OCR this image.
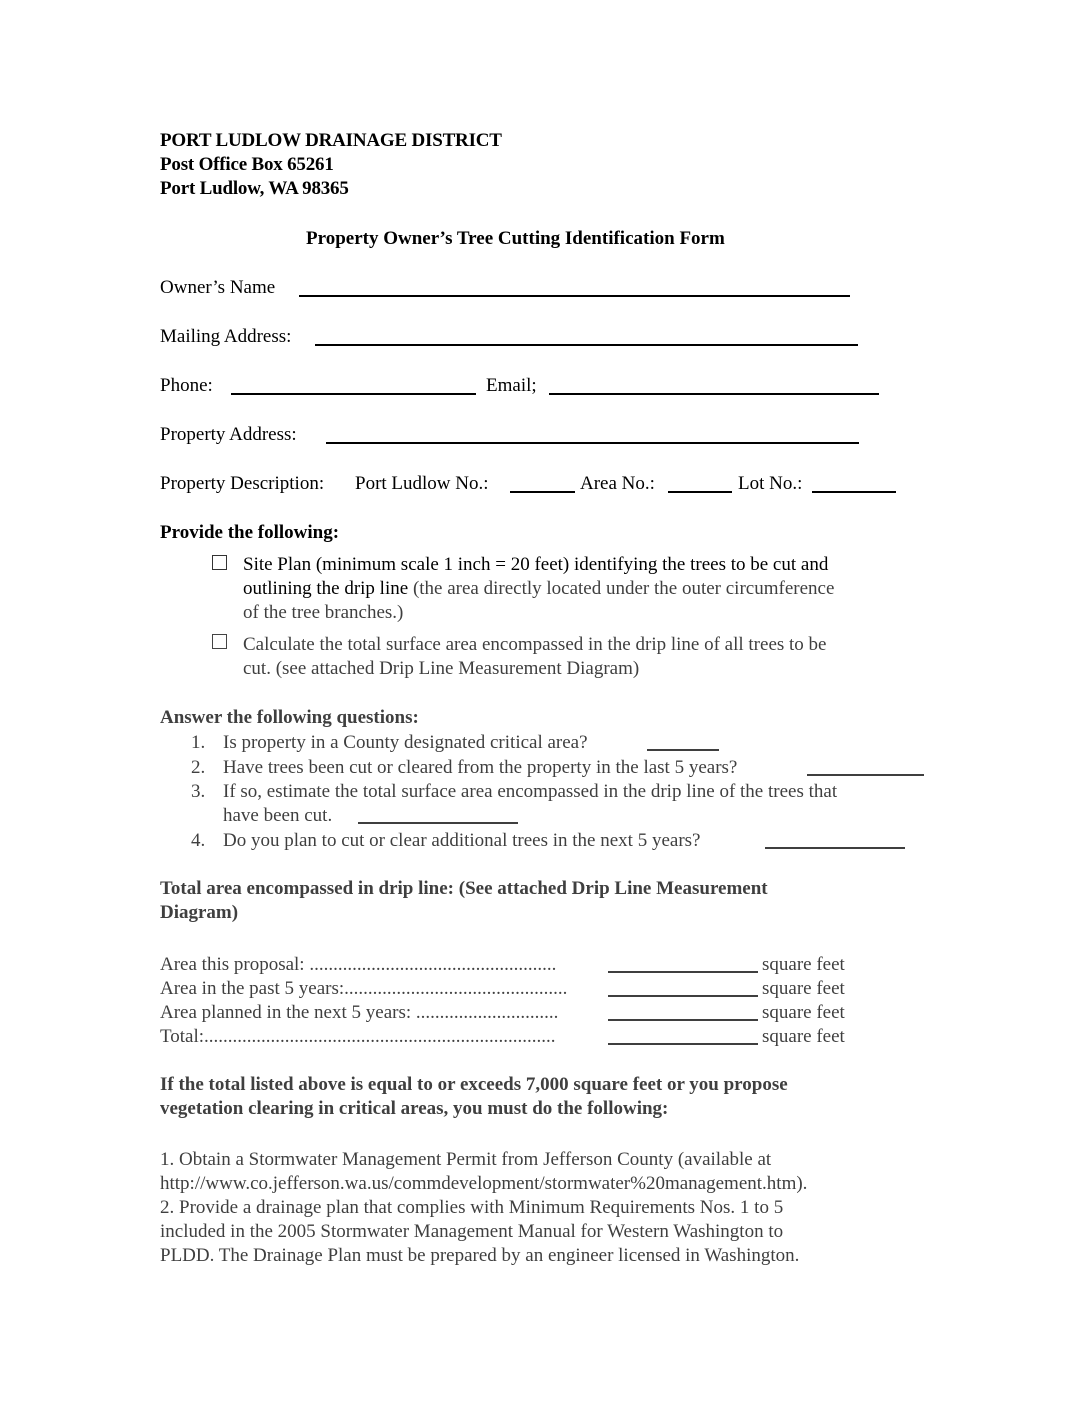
PORT LUDLOW DRAINAGE DISTRICT
Post Office Box 65261
Port Ludlow, WA 98365
Property Owner’s Tree Cutting Identification Form
Owner’s Name
Mailing Address:
Phone:	Email;
Property Address:
Property Description: Port Ludlow No.:	Area No.:	Lot No.:
Provide the following:
Site Plan (minimum scale 1 inch = 20 feet) identifying the trees to be cut and
outlining the drip line (the area directly located under the outer circumference
of the tree branches.)
Calculate the total surface area encompassed in the drip line of all trees to be
cut. (see attached Drip Line Measurement Diagram)
Answer the following questions:
1. Is property in a County designated critical area?
2. Have trees been cut or cleared from the property in the last 5 years?
3. If so, estimate the total surface area encompassed in the drip line of the trees that
have been cut.
4. Do you plan to cut or clear additional trees in the next 5 years?
Total area encompassed in drip line: (See attached Drip Line Measurement
Diagram)
Area this proposal: ....................................................	square feet
Area in the past 5 years:...............................................	square feet
Area planned in the next 5 years: ..............................	square feet
Total:..........................................................................	square feet
If the total listed above is equal to or exceeds 7,000 square feet or you propose
vegetation clearing in critical areas, you must do the following:
1. Obtain a Stormwater Management Permit from Jefferson County (available at
http://www.co.jefferson.wa.us/commdevelopment/stormwater%20management.htm).
2. Provide a drainage plan that complies with Minimum Requirements Nos. 1 to 5
included in the 2005 Stormwater Management Manual for Western Washington to
PLDD. The Drainage Plan must be prepared by an engineer licensed in Washington.
